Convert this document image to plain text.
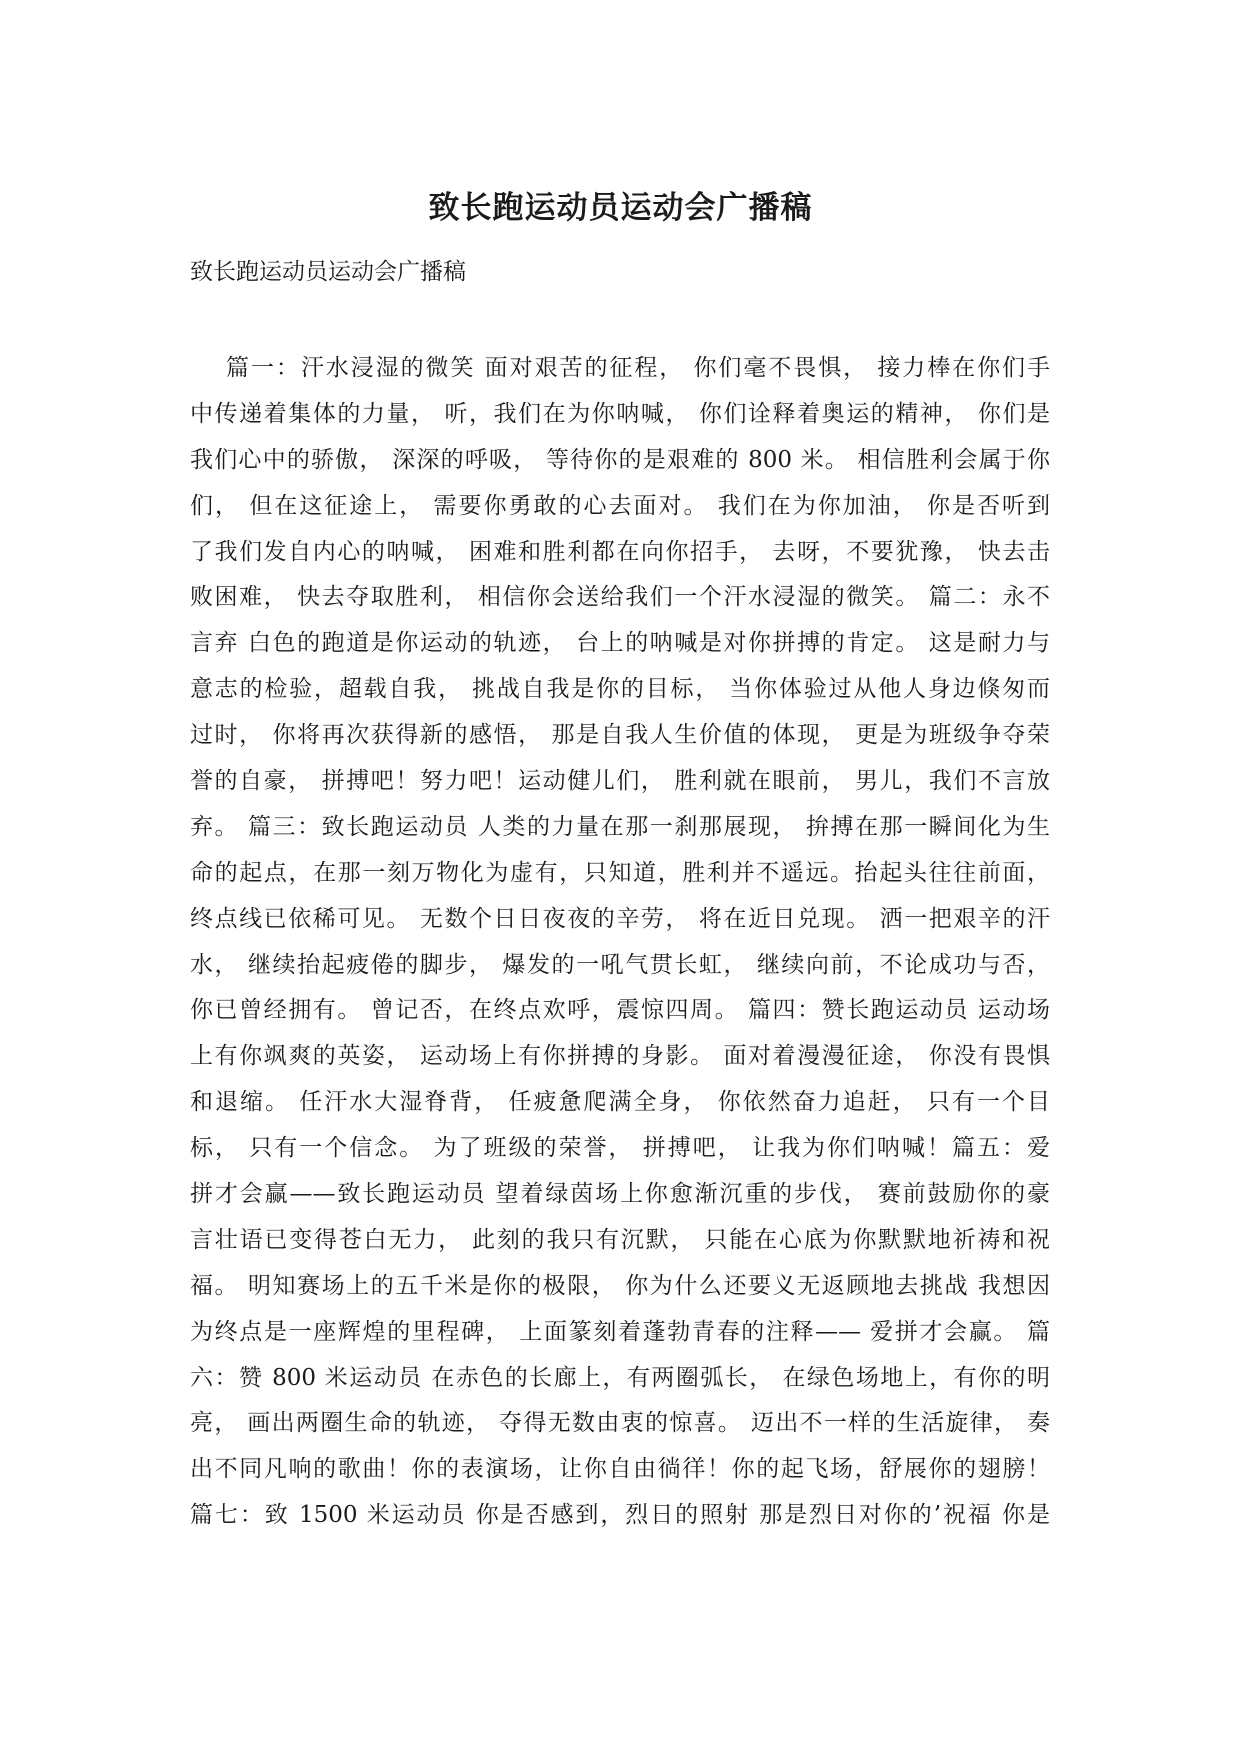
致长跑运动员运动会广播稿

致长跑运动员运动会广播稿

篇一：汗水浸湿的微笑 面对艰苦的征程， 你们毫不畏惧， 接力棒在你们手
中传递着集体的力量， 听，我们在为你呐喊， 你们诠释着奥运的精神， 你们是
我们心中的骄傲， 深深的呼吸， 等待你的是艰难的 800 米。 相信胜利会属于你
们， 但在这征途上， 需要你勇敢的心去面对。 我们在为你加油， 你是否听到
了我们发自内心的呐喊， 困难和胜利都在向你招手， 去呀，不要犹豫， 快去击
败困难， 快去夺取胜利， 相信你会送给我们一个汗水浸湿的微笑。 篇二：永不
言弃 白色的跑道是你运动的轨迹， 台上的呐喊是对你拼搏的肯定。 这是耐力与
意志的检验，超载自我， 挑战自我是你的目标， 当你体验过从他人身边倏匆而
过时， 你将再次获得新的感悟， 那是自我人生价值的体现， 更是为班级争夺荣
誉的自豪， 拼搏吧！努力吧！运动健儿们， 胜利就在眼前， 男儿，我们不言放
弃。 篇三：致长跑运动员 人类的力量在那一刹那展现， 拚搏在那一瞬间化为生
命的起点，在那一刻万物化为虚有，只知道，胜利并不遥远。抬起头往往前面，
终点线已依稀可见。 无数个日日夜夜的辛劳， 将在近日兑现。 洒一把艰辛的汗
水， 继续抬起疲倦的脚步， 爆发的一吼气贯长虹， 继续向前，不论成功与否，
你已曾经拥有。 曾记否，在终点欢呼，震惊四周。 篇四：赞长跑运动员 运动场
上有你飒爽的英姿， 运动场上有你拼搏的身影。 面对着漫漫征途， 你没有畏惧
和退缩。 任汗水大湿脊背， 任疲惫爬满全身， 你依然奋力追赶， 只有一个目
标， 只有一个信念。 为了班级的荣誉， 拼搏吧， 让我为你们呐喊！篇五：爱
拼才会赢——致长跑运动员 望着绿茵场上你愈渐沉重的步伐， 赛前鼓励你的豪
言壮语已变得苍白无力， 此刻的我只有沉默， 只能在心底为你默默地祈祷和祝
福。 明知赛场上的五千米是你的极限， 你为什么还要义无返顾地去挑战 我想因
为终点是一座辉煌的里程碑， 上面篆刻着蓬勃青春的注释—— 爱拼才会赢。 篇
六：赞 800 米运动员 在赤色的长廊上，有两圈弧长， 在绿色场地上，有你的明
亮， 画出两圈生命的轨迹， 夺得无数由衷的惊喜。 迈出不一样的生活旋律， 奏
出不同凡响的歌曲！你的表演场，让你自由徜徉！你的起飞场，舒展你的翅膀！
篇七：致 1500 米运动员 你是否感到，烈日的照射 那是烈日对你的’祝福 你是
